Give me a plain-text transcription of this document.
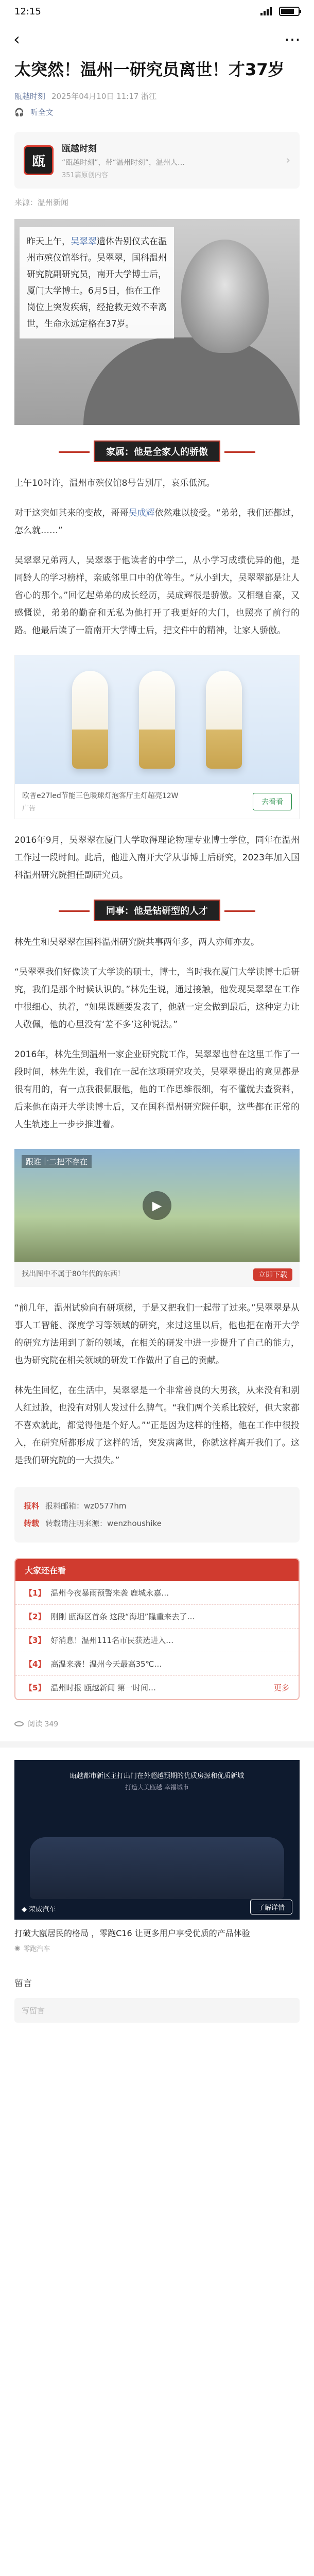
12:15
‹	⋯
太突然！温州一研究员离世！才37岁
瓯越时刻 2025年04月10日 11:17 浙江
🎧 听全文
瓯
瓯越时刻
“瓯越时刻”，带“温州时刻”，温州人…
351篇原创内容
›
来源：温州新闻
昨天上午，吴翠翠遗体告别仪式在温州市殡仪馆举行。吴翠翠，国科温州研究院副研究员，南开大学博士后，厦门大学博士。6月5日，他在工作岗位上突发疾病，经抢救无效不幸离世，生命永远定格在37岁。
家属：他是全家人的骄傲

上午10时许，温州市殡仪馆8号告别厅，哀乐低沉。

对于这突如其来的变故，哥哥吴成辉依然难以接受。“弟弟，我们还都过，怎么就……”

吴翠翠兄弟两人，吴翠翠于他读者的中学二，从小学习成绩优异的他，是同龄人的学习榜样，亲戚邻里口中的优等生。“从小到大，吴翠翠都是让人省心的那个。”回忆起弟弟的成长经历，吴成辉很是骄傲。又相继自豪，又感慨说，弟弟的勤奋和无私为他打开了我更好的大门，也照亮了前行的路。他最后读了一篇南开大学博士后，把文件中的精神，让家人骄傲。

欧普e27led节能三色暖球灯泡客厅主灯超亮12W
广告
去看看

2016年9月，吴翠翠在厦门大学取得理论物理专业博士学位，同年在温州工作过一段时间。此后，他进入南开大学从事博士后研究，2023年加入国科温州研究院担任副研究员。

同事：他是钻研型的人才

林先生和吴翠翠在国科温州研究院共事两年多，两人亦师亦友。

“吴翠翠我们好像读了大学读的硕士，博士，当时我在厦门大学读博士后研究，我们是那个时候认识的。”林先生说，通过接触，他发现吴翠翠在工作中很细心、执着，“如果课题要发表了，他就一定会做到最后，这种定力让人敬佩，他的心里没有‘差不多’这种说法。”

2016年，林先生到温州一家企业研究院工作，吴翠翠也曾在这里工作了一段时间，林先生说，我们在一起在这项研究攻关，吴翠翠提出的意见都是很有用的，有一点我很佩服他，他的工作思维很细，有不懂就去查资料，后来他在南开大学读博士后，又在国科温州研究院任职，这些都在正常的人生轨迹上一步步推进着。

跟谁十二把不存在
▶
找出图中不属于80年代的东西！	立即下载

“前几年，温州试验向有研项梯，于是又把我们一起带了过来。”吴翠翠是从事人工智能、深度学习等领域的研究，来过这里以后，他也把在南开大学的研究方法用到了新的领域，在相关的研发中进一步提升了自己的能力，也为研究院在相关领域的研发工作做出了自己的贡献。

林先生回忆，在生活中，吴翠翠是一个非常善良的大男孩，从来没有和别人红过脸，也没有对别人发过什么脾气。“我们两个关系比较好，但大家都不喜欢就此，都觉得他是个好人。”“正是因为这样的性格，他在工作中很投入，在研究所都形成了这样的话，突发病离世，你就这样离开我们了。这是我们研究院的一大损失。”

报料 报料邮箱：wz0577hm
转载 转载请注明来源：wenzhoushike
大家还在看
【1】 温州今夜暴雨预警来袭 鹿城永嘉…
【2】 刚刚 瓯海区首条 这段“海坦”隆重来去了…
【3】 好消息！温州111名市民获选进入…
【4】 高温来袭！温州今天最高35℃…
【5】 温州时报 瓯越新闻 第一时间…	更多
阅读 349
瓯越都市新区主打出门在外超越预期的优质房源和优质新城
打造大美瓯越 幸福城市
◆ 荣威汽车	了解详情
打破大瓯居民的格局 ，零跑C16 让更多用户享受优质的产品体验
◉ 零跑汽车
留言
写留言
